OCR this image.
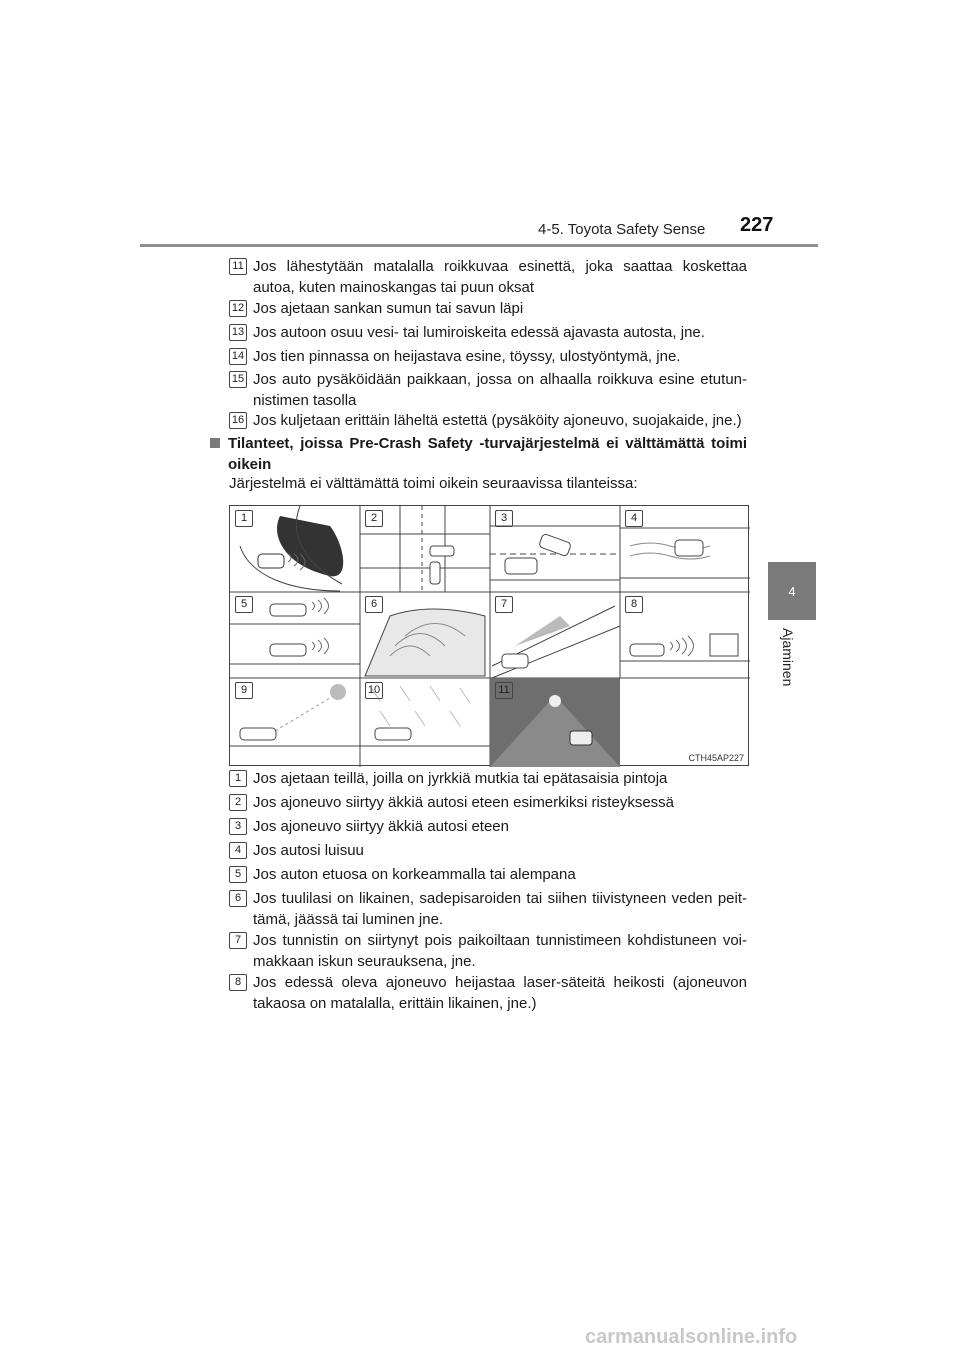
4-5. Toyota Safety Sense 227
4
Ajaminen
11 Jos lähestytään matalalla roikkuvaa esinettä, joka saattaa koskettaa autoa, kuten mainoskangas tai puun oksat
12 Jos ajetaan sankan sumun tai savun läpi
13 Jos autoon osuu vesi- tai lumiroiskeita edessä ajavasta autosta, jne.
14 Jos tien pinnassa on heijastava esine, töyssy, ulostyöntymä, jne.
15 Jos auto pysäköidään paikkaan, jossa on alhaalla roikkuva esine etutunnistimen tasolla
16 Jos kuljetaan erittäin läheltä estettä (pysäköity ajoneuvo, suojakaide, jne.)
Tilanteet, joissa Pre-Crash Safety -turvajärjestelmä ei välttämättä toimi oikein
Järjestelmä ei välttämättä toimi oikein seuraavissa tilanteissa:
1	2	3	4
5	6	7	8
9	10	11
CTH45AP227
1 Jos ajetaan teillä, joilla on jyrkkiä mutkia tai epätasaisia pintoja
2 Jos ajoneuvo siirtyy äkkiä autosi eteen esimerkiksi risteyksessä
3 Jos ajoneuvo siirtyy äkkiä autosi eteen
4 Jos autosi luisuu
5 Jos auton etuosa on korkeammalla tai alempana
6 Jos tuulilasi on likainen, sadepisaroiden tai siihen tiivistyneen veden peittämä, jäässä tai luminen jne.
7 Jos tunnistin on siirtynyt pois paikoiltaan tunnistimeen kohdistuneen voimakkaan iskun seurauksena, jne.
8 Jos edessä oleva ajoneuvo heijastaa laser-säteitä heikosti (ajoneuvon takaosa on matalalla, erittäin likainen, jne.)
carmanualsonline.info
